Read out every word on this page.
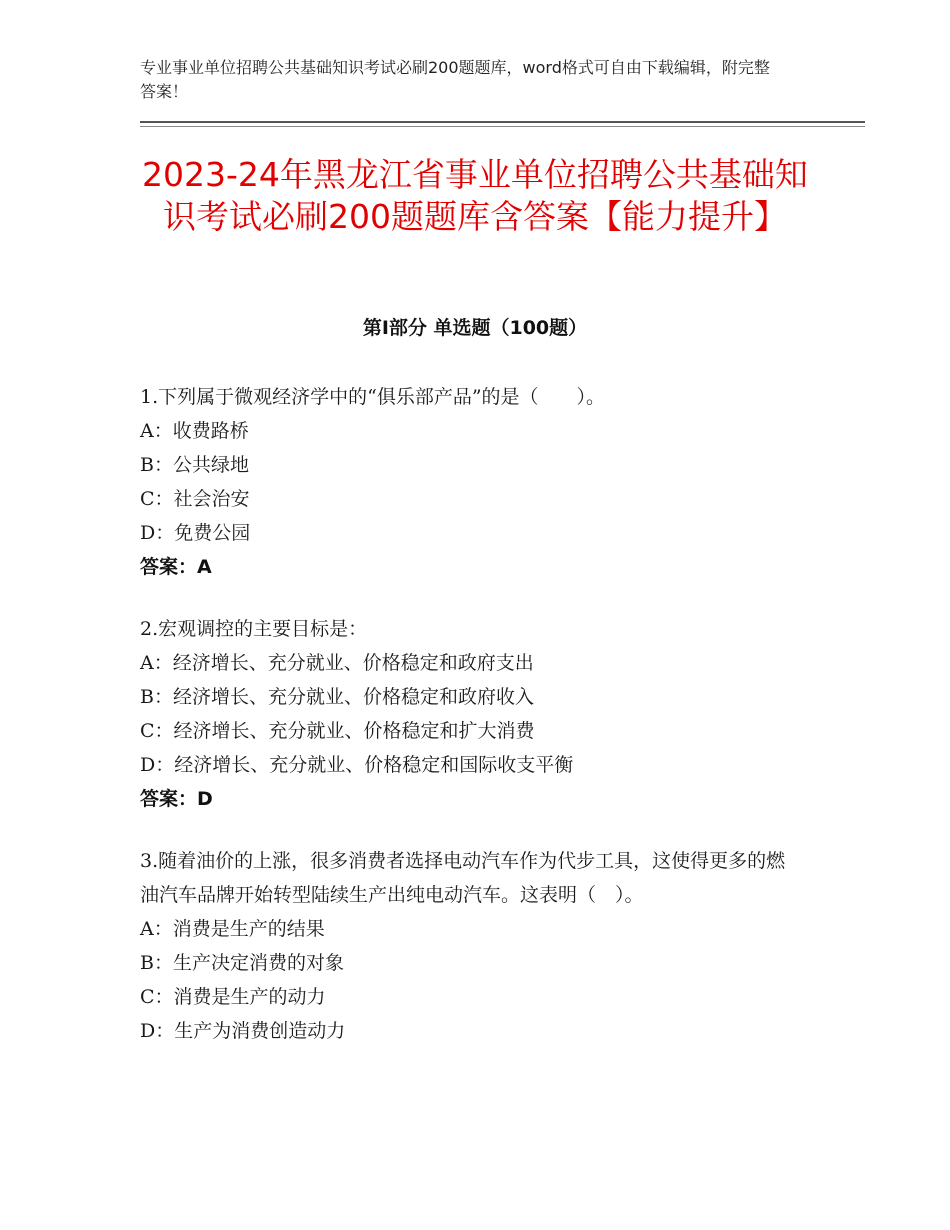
专业事业单位招聘公共基础知识考试必刷200题题库，word格式可自由下载编辑，附完整答案！
2023-24年黑龙江省事业单位招聘公共基础知识考试必刷200题题库含答案【能力提升】
第Ⅰ部分 单选题（100题）
1.下列属于微观经济学中的“俱乐部产品”的是（　　）。
A：收费路桥
B：公共绿地
C：社会治安
D：免费公园
答案：A
2.宏观调控的主要目标是：
A：经济增长、充分就业、价格稳定和政府支出
B：经济增长、充分就业、价格稳定和政府收入
C：经济增长、充分就业、价格稳定和扩大消费
D：经济增长、充分就业、价格稳定和国际收支平衡
答案：D
3.随着油价的上涨，很多消费者选择电动汽车作为代步工具，这使得更多的燃油汽车品牌开始转型陆续生产出纯电动汽车。这表明（　）。
A：消费是生产的结果
B：生产决定消费的对象
C：消费是生产的动力
D：生产为消费创造动力
